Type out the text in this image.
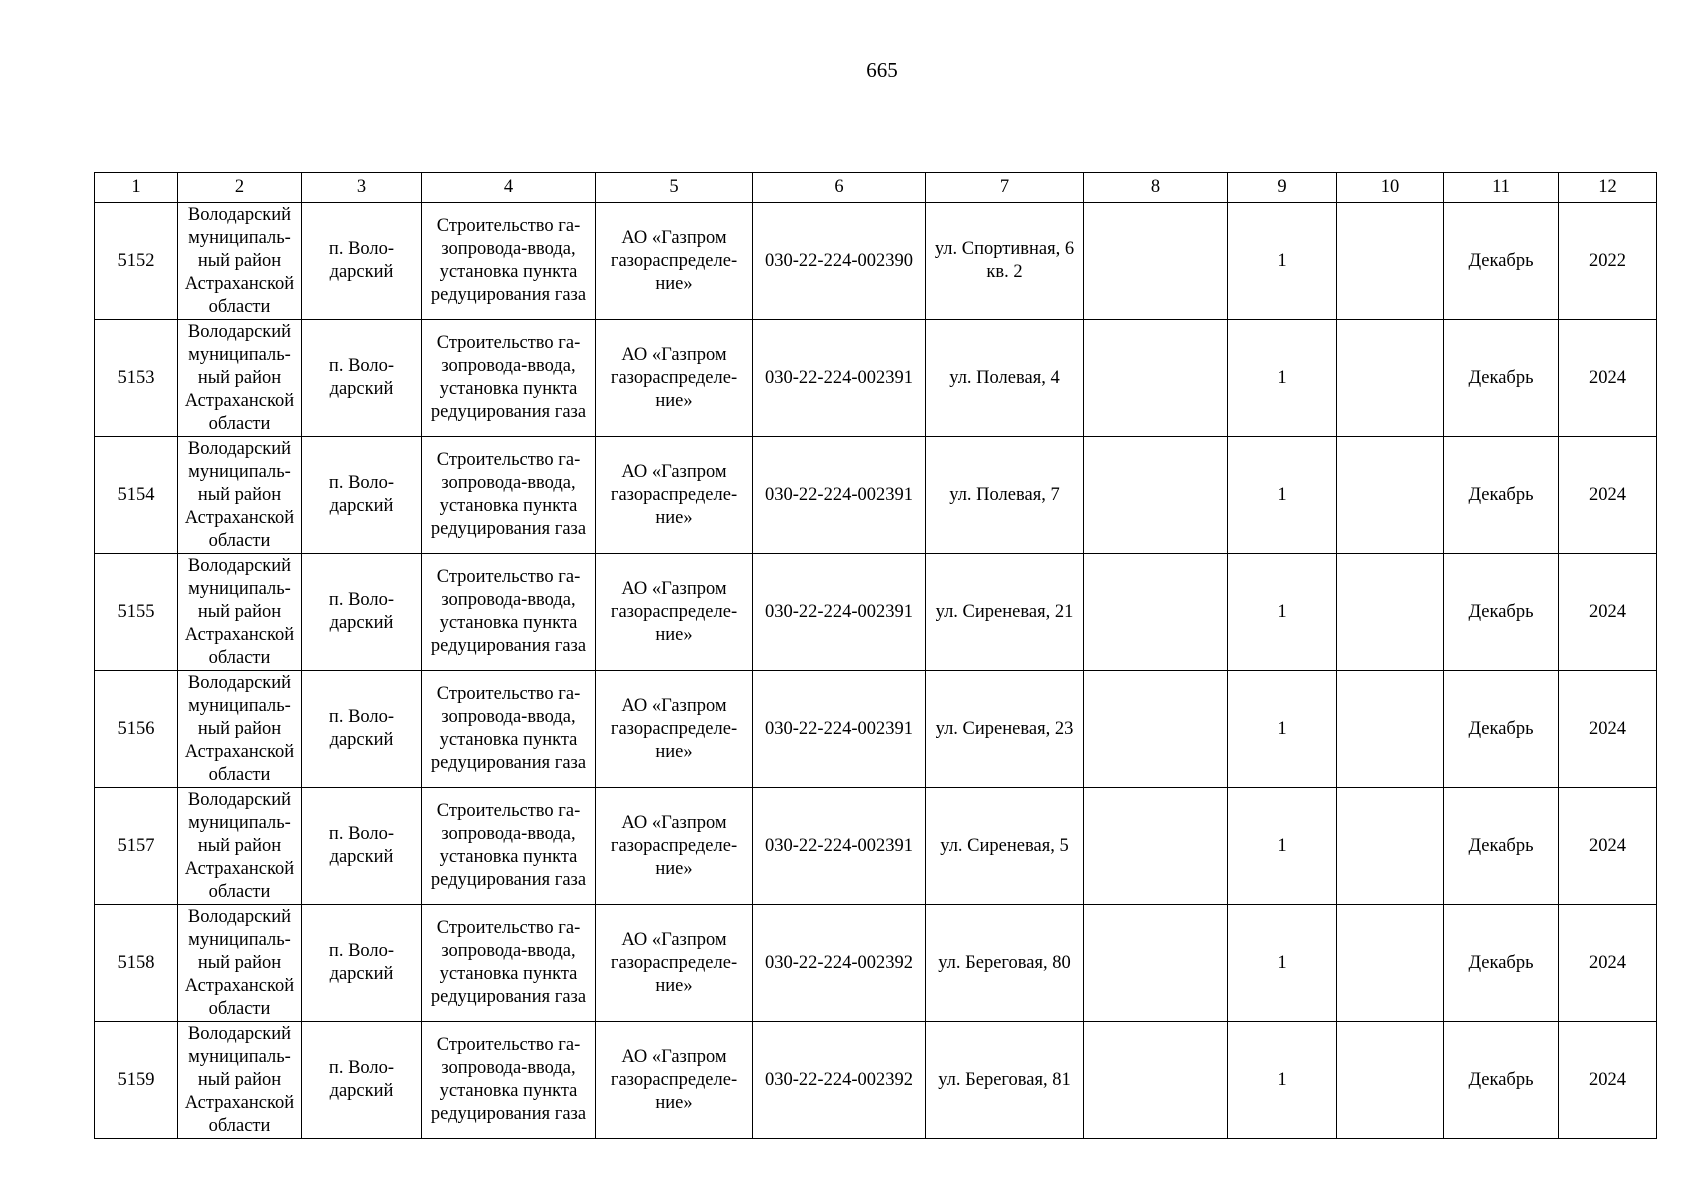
665
1	2	3	4	5	6	7	8	9	10	11	12
5152	Володарский
муниципаль-
ный район
Астраханской
области	п. Воло-
дарский	Строительство га-
зопровода-ввода,
установка пункта
редуцирования газа	АО «Газпром
газораспределе-
ние»	030-22-224-002390	ул. Спортивная, 6
кв. 2		1		Декабрь	2022
5153	Володарский
муниципаль-
ный район
Астраханской
области	п. Воло-
дарский	Строительство га-
зопровода-ввода,
установка пункта
редуцирования газа	АО «Газпром
газораспределе-
ние»	030-22-224-002391	ул. Полевая, 4		1		Декабрь	2024
5154	Володарский
муниципаль-
ный район
Астраханской
области	п. Воло-
дарский	Строительство га-
зопровода-ввода,
установка пункта
редуцирования газа	АО «Газпром
газораспределе-
ние»	030-22-224-002391	ул. Полевая, 7		1		Декабрь	2024
5155	Володарский
муниципаль-
ный район
Астраханской
области	п. Воло-
дарский	Строительство га-
зопровода-ввода,
установка пункта
редуцирования газа	АО «Газпром
газораспределе-
ние»	030-22-224-002391	ул. Сиреневая, 21		1		Декабрь	2024
5156	Володарский
муниципаль-
ный район
Астраханской
области	п. Воло-
дарский	Строительство га-
зопровода-ввода,
установка пункта
редуцирования газа	АО «Газпром
газораспределе-
ние»	030-22-224-002391	ул. Сиреневая, 23		1		Декабрь	2024
5157	Володарский
муниципаль-
ный район
Астраханской
области	п. Воло-
дарский	Строительство га-
зопровода-ввода,
установка пункта
редуцирования газа	АО «Газпром
газораспределе-
ние»	030-22-224-002391	ул. Сиреневая, 5		1		Декабрь	2024
5158	Володарский
муниципаль-
ный район
Астраханской
области	п. Воло-
дарский	Строительство га-
зопровода-ввода,
установка пункта
редуцирования газа	АО «Газпром
газораспределе-
ние»	030-22-224-002392	ул. Береговая, 80		1		Декабрь	2024
5159	Володарский
муниципаль-
ный район
Астраханской
области	п. Воло-
дарский	Строительство га-
зопровода-ввода,
установка пункта
редуцирования газа	АО «Газпром
газораспределе-
ние»	030-22-224-002392	ул. Береговая, 81		1		Декабрь	2024
